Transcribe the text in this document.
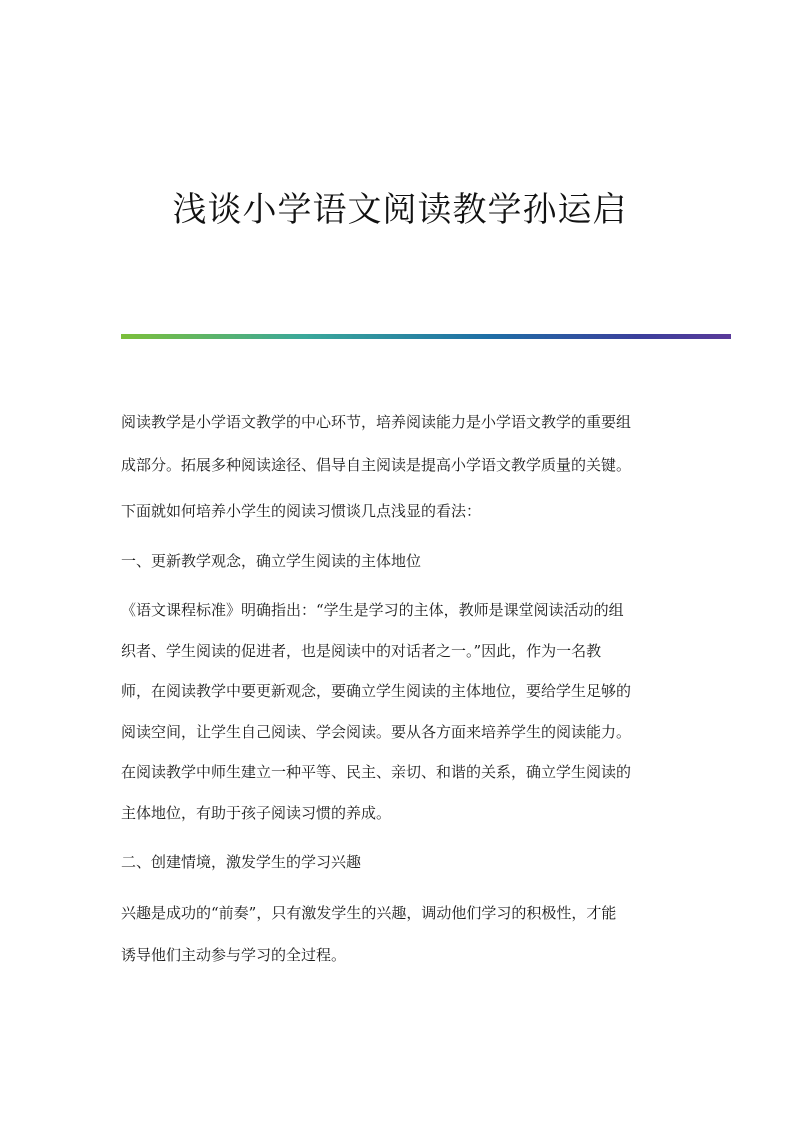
浅谈小学语文阅读教学孙运启
阅读教学是小学语文教学的中心环节，培养阅读能力是小学语文教学的重要组
成部分。拓展多种阅读途径、倡导自主阅读是提高小学语文教学质量的关键。
下面就如何培养小学生的阅读习惯谈几点浅显的看法：
一、更新教学观念，确立学生阅读的主体地位
《语文课程标准》明确指出：“学生是学习的主体，教师是课堂阅读活动的组
织者、学生阅读的促进者，也是阅读中的对话者之一。”因此，作为一名教
师，在阅读教学中要更新观念，要确立学生阅读的主体地位，要给学生足够的
阅读空间，让学生自己阅读、学会阅读。要从各方面来培养学生的阅读能力。
在阅读教学中师生建立一种平等、民主、亲切、和谐的关系，确立学生阅读的
主体地位，有助于孩子阅读习惯的养成。
二、创建情境，激发学生的学习兴趣
兴趣是成功的“前奏”，只有激发学生的兴趣，调动他们学习的积极性，才能
诱导他们主动参与学习的全过程。
